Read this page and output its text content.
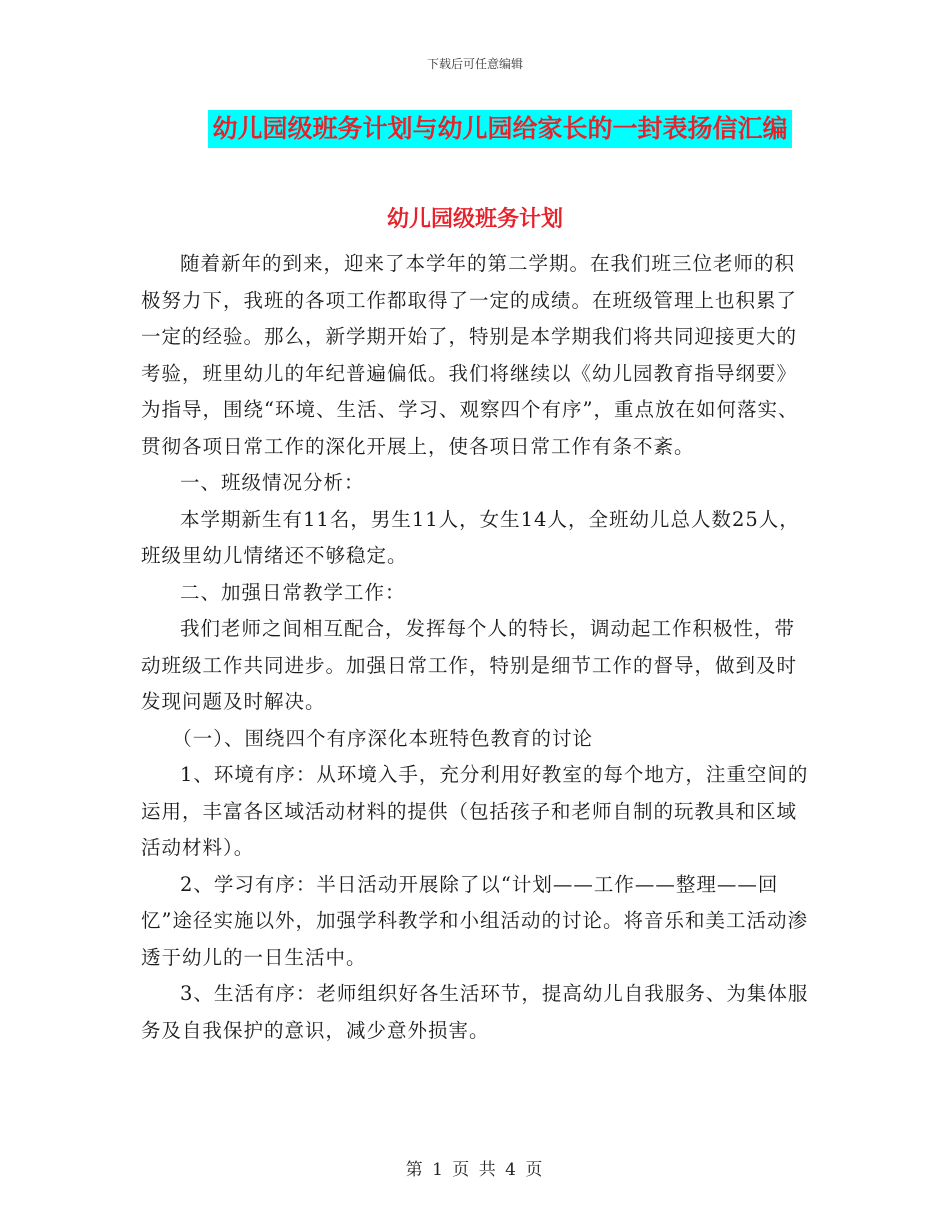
下载后可任意编辑
幼儿园级班务计划与幼儿园给家长的一封表扬信汇编
幼儿园级班务计划

随着新年的到来，迎来了本学年的第二学期。在我们班三位老师的积极努力下，我班的各项工作都取得了一定的成绩。在班级管理上也积累了一定的经验。那么，新学期开始了，特别是本学期我们将共同迎接更大的考验，班里幼儿的年纪普遍偏低。我们将继续以《幼儿园教育指导纲要》为指导，围绕“环境、生活、学习、观察四个有序”，重点放在如何落实、贯彻各项日常工作的深化开展上，使各项日常工作有条不紊。

一、班级情况分析：

本学期新生有11名，男生11人，女生14人，全班幼儿总人数25人，班级里幼儿情绪还不够稳定。

二、加强日常教学工作：

我们老师之间相互配合，发挥每个人的特长，调动起工作积极性，带动班级工作共同进步。加强日常工作，特别是细节工作的督导，做到及时发现问题及时解决。

（一）、围绕四个有序深化本班特色教育的讨论

1、环境有序：从环境入手，充分利用好教室的每个地方，注重空间的运用，丰富各区域活动材料的提供（包括孩子和老师自制的玩教具和区域活动材料）。

2、学习有序：半日活动开展除了以“计划——工作——整理——回忆”途径实施以外，加强学科教学和小组活动的讨论。将音乐和美工活动渗透于幼儿的一日生活中。

3、生活有序：老师组织好各生活环节，提高幼儿自我服务、为集体服务及自我保护的意识，减少意外损害。

第 1 页 共 4 页
